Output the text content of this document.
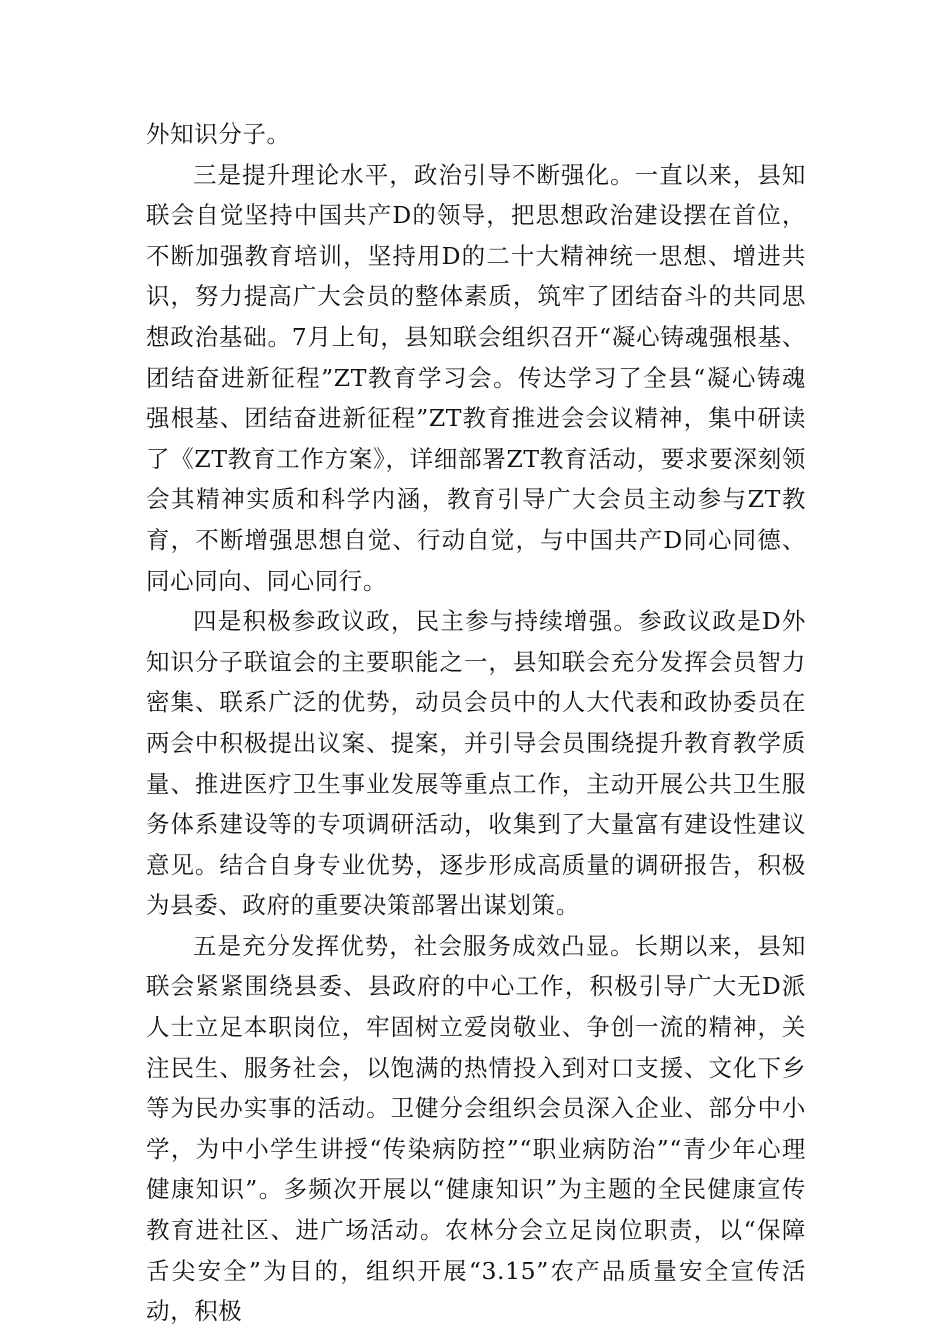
外知识分子。

三是提升理论水平，政治引导不断强化。一直以来，县知联会自觉坚持中国共产D的领导，把思想政治建设摆在首位，不断加强教育培训，坚持用D的二十大精神统一思想、增进共识，努力提高广大会员的整体素质，筑牢了团结奋斗的共同思想政治基础。7月上旬，县知联会组织召开“凝心铸魂强根基、团结奋进新征程”ZT教育学习会。传达学习了全县“凝心铸魂强根基、团结奋进新征程”ZT教育推进会会议精神，集中研读了《ZT教育工作方案》，详细部署ZT教育活动，要求要深刻领会其精神实质和科学内涵，教育引导广大会员主动参与ZT教育，不断增强思想自觉、行动自觉，与中国共产D同心同德、同心同向、同心同行。

四是积极参政议政，民主参与持续增强。参政议政是D外知识分子联谊会的主要职能之一，县知联会充分发挥会员智力密集、联系广泛的优势，动员会员中的人大代表和政协委员在两会中积极提出议案、提案，并引导会员围绕提升教育教学质量、推进医疗卫生事业发展等重点工作，主动开展公共卫生服务体系建设等的专项调研活动，收集到了大量富有建设性建议意见。结合自身专业优势，逐步形成高质量的调研报告，积极为县委、政府的重要决策部署出谋划策。

五是充分发挥优势，社会服务成效凸显。长期以来，县知联会紧紧围绕县委、县政府的中心工作，积极引导广大无D派人士立足本职岗位，牢固树立爱岗敬业、争创一流的精神，关注民生、服务社会，以饱满的热情投入到对口支援、文化下乡等为民办实事的活动。卫健分会组织会员深入企业、部分中小学，为中小学生讲授“传染病防控”“职业病防治”“青少年心理健康知识”。多频次开展以“健康知识”为主题的全民健康宣传教育进社区、进广场活动。农林分会立足岗位职责，以“保障舌尖安全”为目的，组织开展“3.15”农产品质量安全宣传活动，积极
